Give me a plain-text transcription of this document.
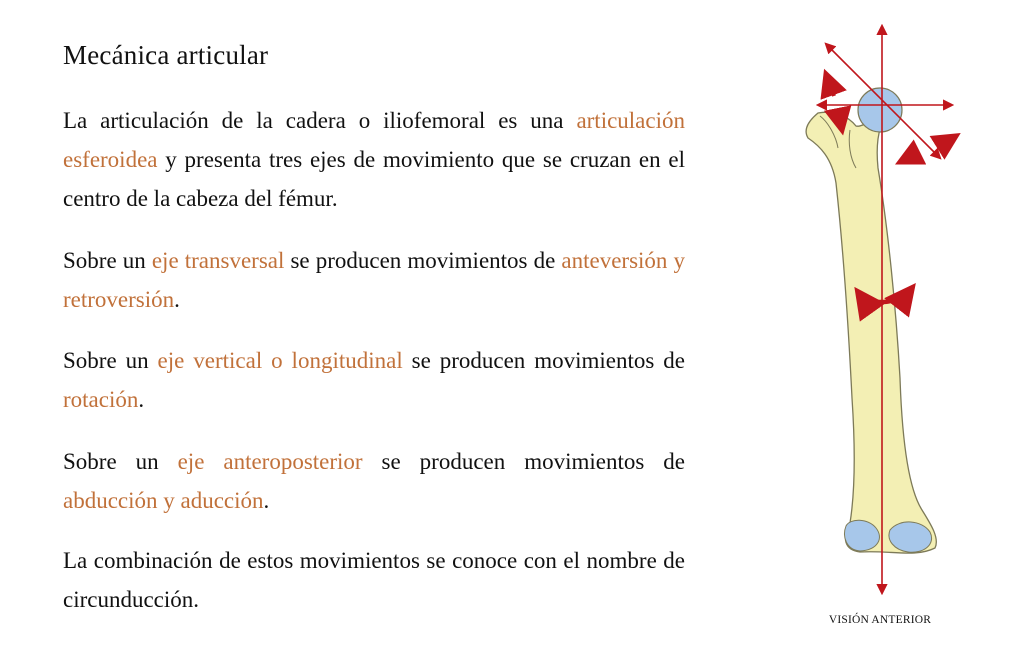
Mecánica articular

La articulación de la cadera o iliofemoral es una articulación esferoidea y presenta tres ejes de movimiento que se cruzan en el centro de la cabeza del fémur.

Sobre un eje transversal se producen movimientos de anteversión y retroversión.

Sobre un eje vertical o longitudinal se producen movimientos de rotación.

Sobre un eje anteroposterior se producen movimientos de abducción y aducción.

La combinación de estos movimientos se conoce con el nombre de circunducción.

VISIÓN ANTERIOR
